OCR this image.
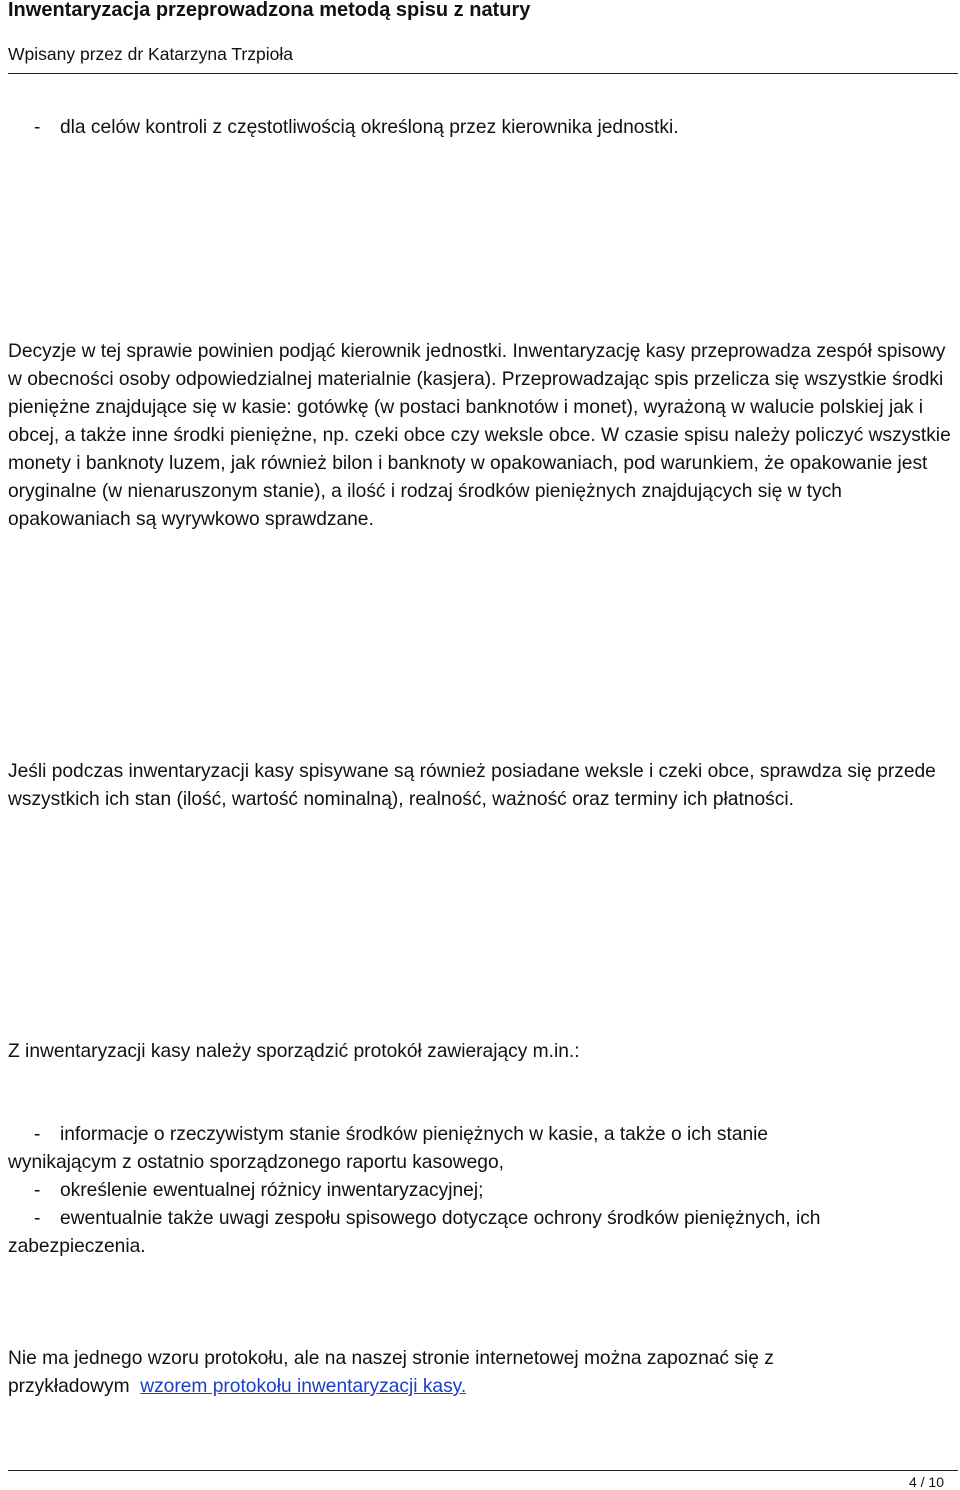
Inwentaryzacja przeprowadzona metodą spisu z natury
Wpisany przez dr Katarzyna Trzpioła

- dla celów kontroli z częstotliwością określoną przez kierownika jednostki.

Decyzje w tej sprawie powinien podjąć kierownik jednostki. Inwentaryzację kasy przeprowadza zespół spisowy w obecności osoby odpowiedzialnej materialnie (kasjera). Przeprowadzając spis przelicza się wszystkie środki pieniężne znajdujące się w kasie: gotówkę (w postaci banknotów i monet), wyrażoną w walucie polskiej jak i obcej, a także inne środki pieniężne, np. czeki obce czy weksle obce. W czasie spisu należy policzyć wszystkie monety i banknoty luzem, jak również bilon i banknoty w opakowaniach, pod warunkiem, że opakowanie jest oryginalne (w nienaruszonym stanie), a ilość i rodzaj środków pieniężnych znajdujących się w tych opakowaniach są wyrywkowo sprawdzane.

Jeśli podczas inwentaryzacji kasy spisywane są również posiadane weksle i czeki obce, sprawdza się przede wszystkich ich stan (ilość, wartość nominalną), realność, ważność oraz terminy ich płatności.

Z inwentaryzacji kasy należy sporządzić protokół zawierający m.in.:

- informacje o rzeczywistym stanie środków pieniężnych w kasie, a także o ich stanie
wynikającym z ostatnio sporządzonego raportu kasowego,
- określenie ewentualnej różnicy inwentaryzacyjnej;
- ewentualnie także uwagi zespołu spisowego dotyczące ochrony środków pieniężnych, ich
zabezpieczenia.

Nie ma jednego wzoru protokołu, ale na naszej stronie internetowej można zapoznać się z przykładowym wzorem protokołu inwentaryzacji kasy.

4 / 10
